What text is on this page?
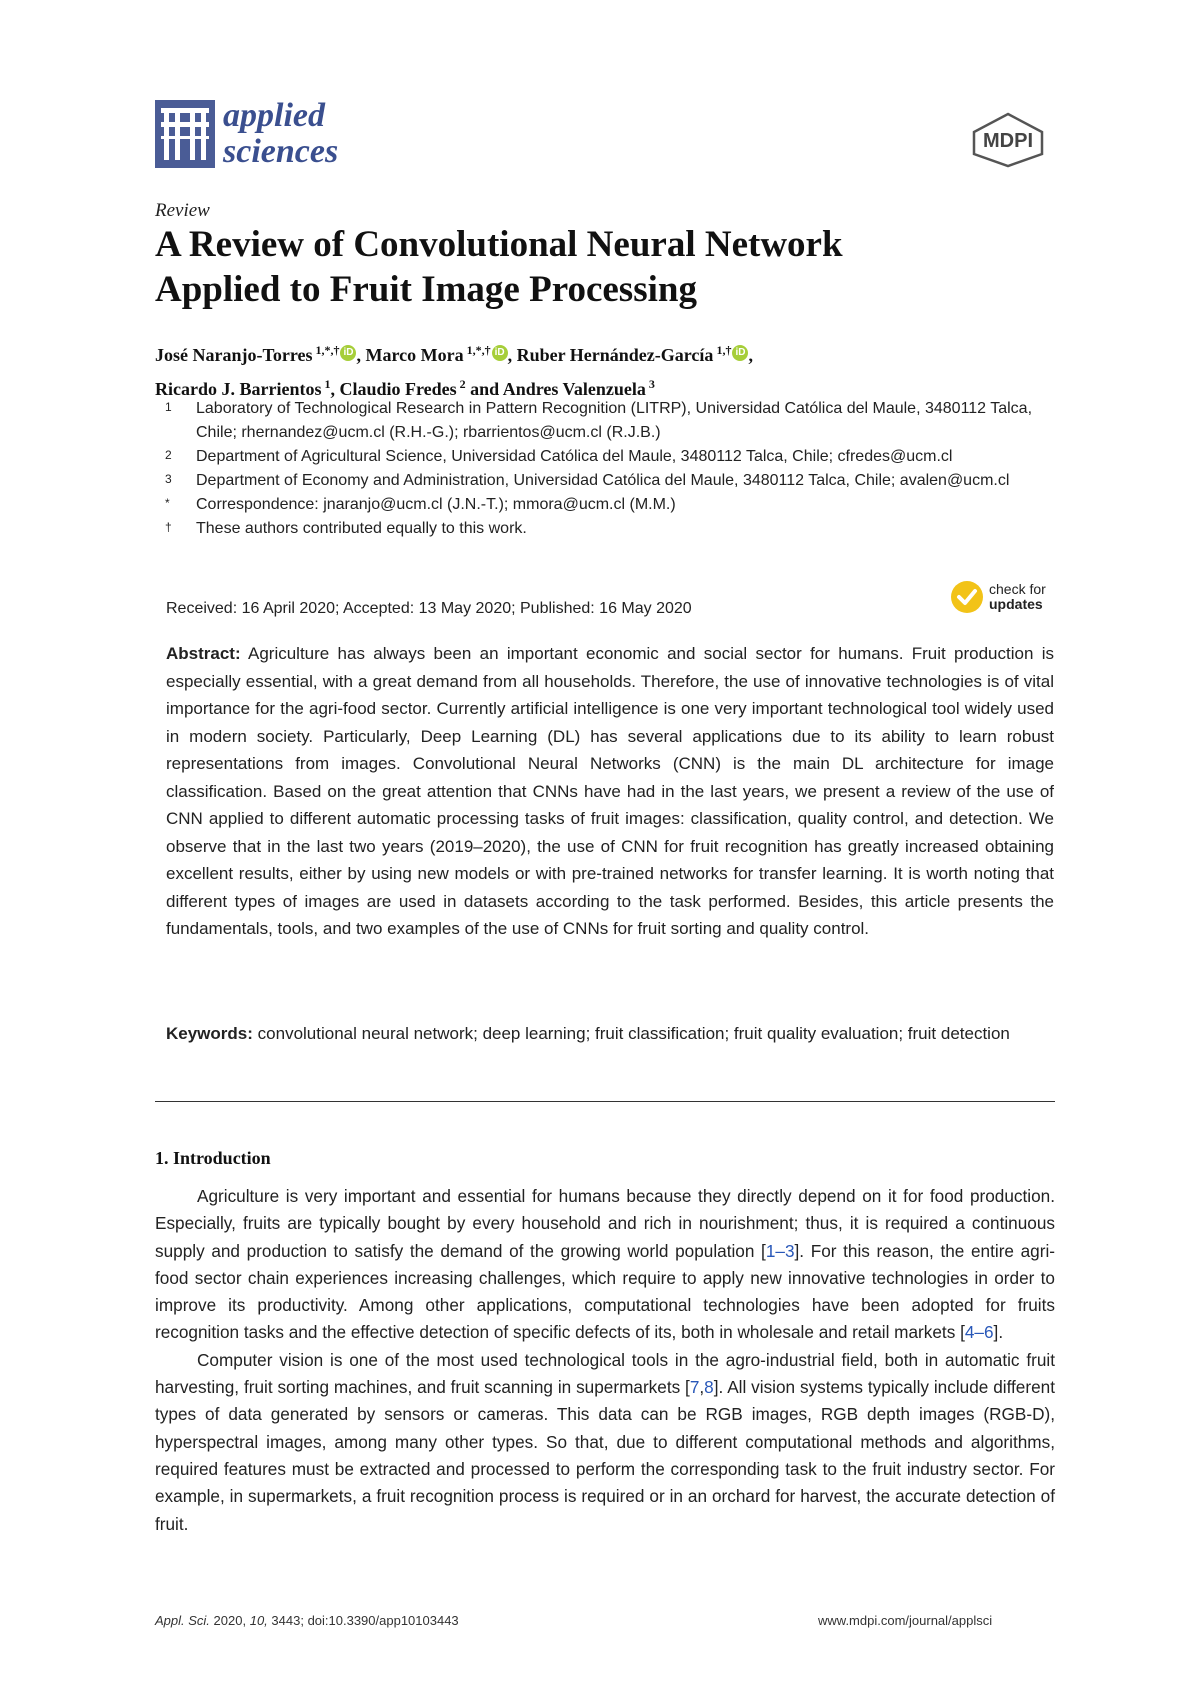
applied
sciences	MDPI
Review
A Review of Convolutional Neural Network
Applied to Fruit Image Processing
José Naranjo-Torres $^{1,*,\dagger}$ iD , Marco Mora $^{1,*,\dagger}$ iD , Ruber Hernández-García $^{1,\dagger}$ iD ,
Ricardo J. Barrientos $^1$, Claudio Fredes $^2$ and Andres Valenzuela $^3$
1	Laboratory of Technological Research in Pattern Recognition (LITRP), Universidad Católica del Maule, 3480112 Talca, Chile; rhernandez@ucm.cl (R.H.-G.); rbarrientos@ucm.cl (R.J.B.)
2	Department of Agricultural Science, Universidad Católica del Maule, 3480112 Talca, Chile; cfredes@ucm.cl
3	Department of Economy and Administration, Universidad Católica del Maule, 3480112 Talca, Chile; avalen@ucm.cl
*	Correspondence: jnaranjo@ucm.cl (J.N.-T.); mmora@ucm.cl (M.M.)
†	These authors contributed equally to this work.
Received: 16 April 2020; Accepted: 13 May 2020; Published: 16 May 2020
check for
updates
Abstract: Agriculture has always been an important economic and social sector for humans. Fruit production is especially essential, with a great demand from all households. Therefore, the use of innovative technologies is of vital importance for the agri-food sector. Currently artificial intelligence is one very important technological tool widely used in modern society. Particularly, Deep Learning (DL) has several applications due to its ability to learn robust representations from images. Convolutional Neural Networks (CNN) is the main DL architecture for image classification. Based on the great attention that CNNs have had in the last years, we present a review of the use of CNN applied to different automatic processing tasks of fruit images: classification, quality control, and detection. We observe that in the last two years (2019–2020), the use of CNN for fruit recognition has greatly increased obtaining excellent results, either by using new models or with pre-trained networks for transfer learning. It is worth noting that different types of images are used in datasets according to the task performed. Besides, this article presents the fundamentals, tools, and two examples of the use of CNNs for fruit sorting and quality control.
Keywords: convolutional neural network; deep learning; fruit classification; fruit quality evaluation; fruit detection
1. Introduction

Agriculture is very important and essential for humans because they directly depend on it for food production. Especially, fruits are typically bought by every household and rich in nourishment; thus, it is required a continuous supply and production to satisfy the demand of the growing world population [1–3]. For this reason, the entire agri-food sector chain experiences increasing challenges, which require to apply new innovative technologies in order to improve its productivity. Among other applications, computational technologies have been adopted for fruits recognition tasks and the effective detection of specific defects of its, both in wholesale and retail markets [4–6].

Computer vision is one of the most used technological tools in the agro-industrial field, both in automatic fruit harvesting, fruit sorting machines, and fruit scanning in supermarkets [7,8]. All vision systems typically include different types of data generated by sensors or cameras. This data can be RGB images, RGB depth images (RGB-D), hyperspectral images, among many other types. So that, due to different computational methods and algorithms, required features must be extracted and processed to perform the corresponding task to the fruit industry sector. For example, in supermarkets, a fruit recognition process is required or in an orchard for harvest, the accurate detection of fruit.

Appl. Sci. 2020, 10, 3443; doi:10.3390/app10103443	www.mdpi.com/journal/applsci
